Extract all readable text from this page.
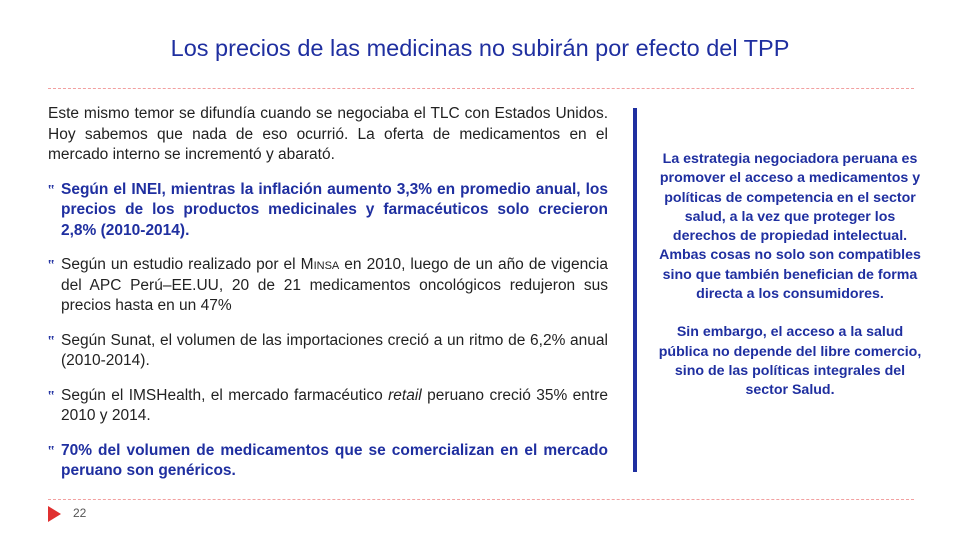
Los precios de las medicinas no subirán por efecto del TPP

Este mismo temor se difundía cuando se negociaba el TLC con Estados Unidos. Hoy sabemos que nada de eso ocurrió. La oferta de medicamentos en el mercado interno se incrementó y abarató.

‟ Según el INEI, mientras la inflación aumento 3,3% en promedio anual, los precios de los productos medicinales y farmacéuticos solo crecieron 2,8% (2010-2014).
‟ Según un estudio realizado por el Minsa en 2010, luego de un año de vigencia del APC Perú–EE.UU, 20 de 21 medicamentos oncológicos redujeron sus precios hasta en un 47%
‟ Según Sunat, el volumen de las importaciones creció a un ritmo de 6,2% anual (2010-2014).
‟ Según el IMSHealth, el mercado farmacéutico retail peruano creció 35% entre 2010 y 2014.
‟ 70% del volumen de medicamentos que se comercializan en el mercado peruano son genéricos.

La estrategia negociadora peruana es promover el acceso a medicamentos y políticas de competencia en el sector salud, a la vez que proteger los derechos de propiedad intelectual. Ambas cosas no solo son compatibles sino que también benefician de forma directa a los consumidores.

Sin embargo, el acceso a la salud pública no depende del libre comercio, sino de las políticas integrales del sector Salud.

22
